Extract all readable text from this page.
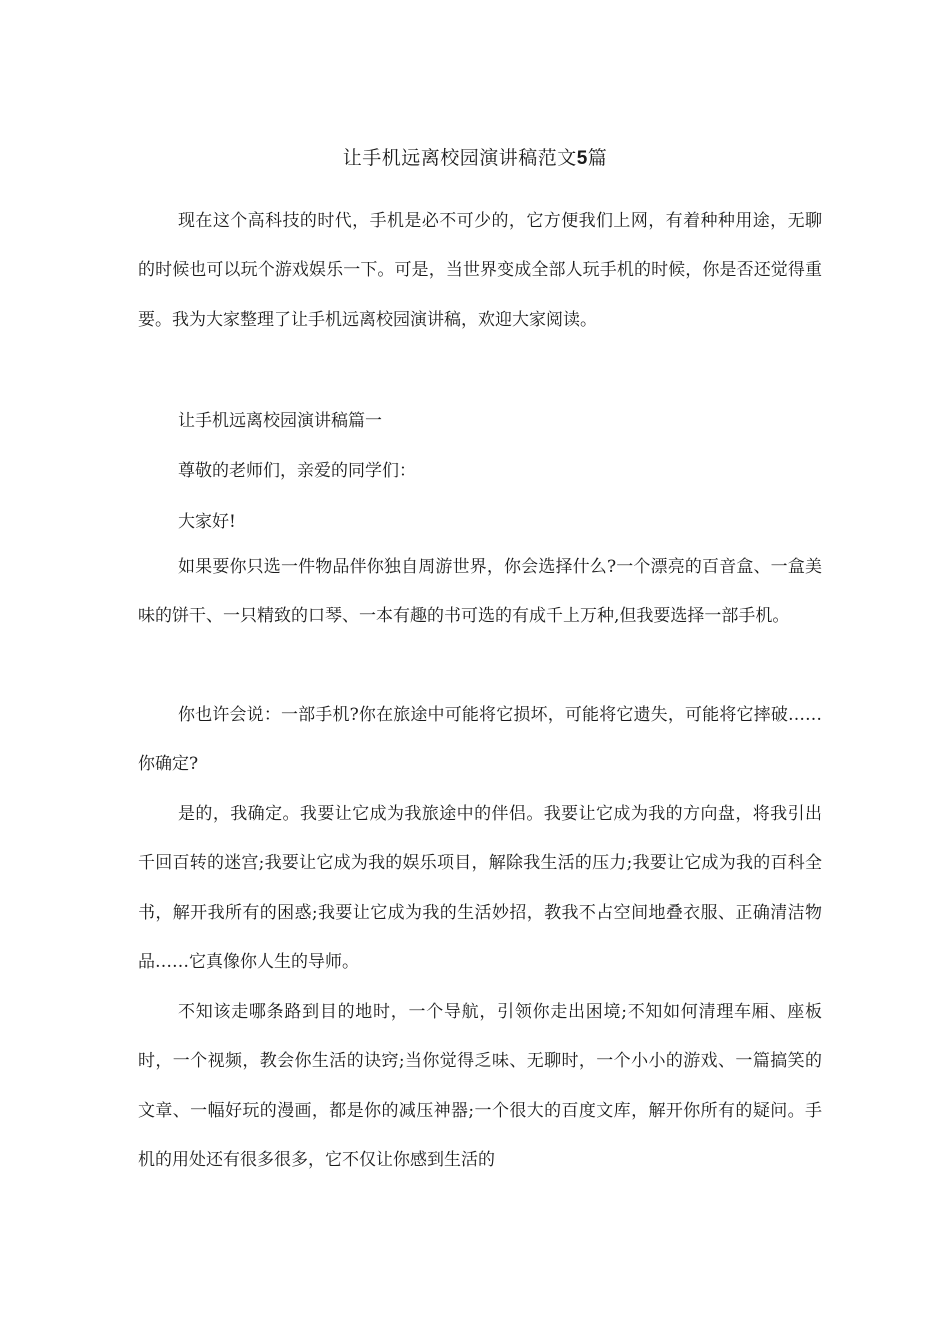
让手机远离校园演讲稿范文5篇

现在这个高科技的时代，手机是必不可少的，它方便我们上网，有着种种用途，无聊的时候也可以玩个游戏娱乐一下。可是，当世界变成全部人玩手机的时候，你是否还觉得重要。我为大家整理了让手机远离校园演讲稿，欢迎大家阅读。

让手机远离校园演讲稿篇一

尊敬的老师们，亲爱的同学们：

大家好!

如果要你只选一件物品伴你独自周游世界，你会选择什么?一个漂亮的百音盒、一盒美味的饼干、一只精致的口琴、一本有趣的书可选的有成千上万种,但我要选择一部手机。

你也许会说：一部手机?你在旅途中可能将它损坏，可能将它遗失，可能将它摔破……你确定?

是的，我确定。我要让它成为我旅途中的伴侣。我要让它成为我的方向盘，将我引出千回百转的迷宫;我要让它成为我的娱乐项目，解除我生活的压力;我要让它成为我的百科全书，解开我所有的困惑;我要让它成为我的生活妙招，教我不占空间地叠衣服、正确清洁物品……它真像你人生的导师。

不知该走哪条路到目的地时，一个导航，引领你走出困境;不知如何清理车厢、座板时，一个视频，教会你生活的诀窍;当你觉得乏味、无聊时，一个小小的游戏、一篇搞笑的文章、一幅好玩的漫画，都是你的减压神器;一个很大的百度文库，解开你所有的疑问。手机的用处还有很多很多，它不仅让你感到生活的
